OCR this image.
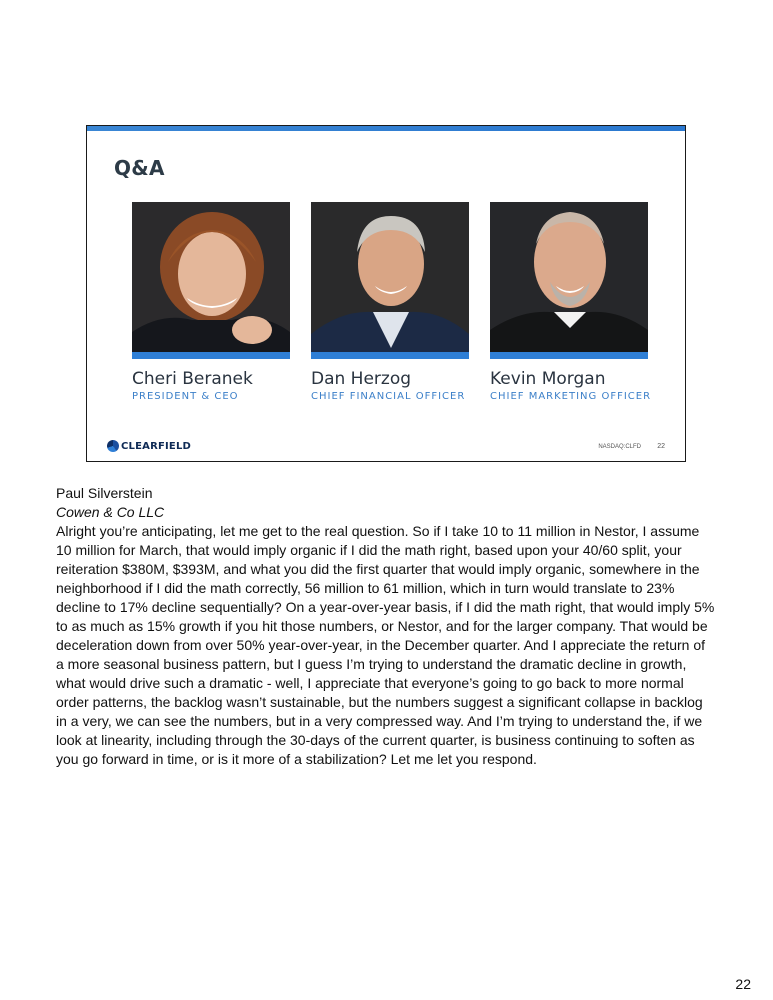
Q&A
Cheri Beranek
PRESIDENT & CEO
Dan Herzog
CHIEF FINANCIAL OFFICER
Kevin Morgan
CHIEF MARKETING OFFICER
CLEARFIELD	NASDAQ:CLFD 22
Paul Silverstein
Cowen & Co LLC

Alright you’re anticipating, let me get to the real question. So if I take 10 to 11 million in Nestor, I assume 10 million for March, that would imply organic if I did the math right, based upon your 40/60 split, your reiteration $380M, $393M, and what you did the first quarter that would imply organic, somewhere in the neighborhood if I did the math correctly, 56 million to 61 million, which in turn would translate to 23% decline to 17% decline sequentially? On a year-over-year basis, if I did the math right, that would imply 5% to as much as 15% growth if you hit those numbers, or Nestor, and for the larger company. That would be deceleration down from over 50% year-over-year, in the December quarter. And I appreciate the return of a more seasonal business pattern, but I guess I’m trying to understand the dramatic decline in growth, what would drive such a dramatic - well, I appreciate that everyone’s going to go back to more normal order patterns, the backlog wasn’t sustainable, but the numbers suggest a significant collapse in backlog in a very, we can see the numbers, but in a very compressed way. And I’m trying to understand the, if we look at linearity, including through the 30-days of the current quarter, is business continuing to soften as you go forward in time, or is it more of a stabilization? Let me let you respond.

22
